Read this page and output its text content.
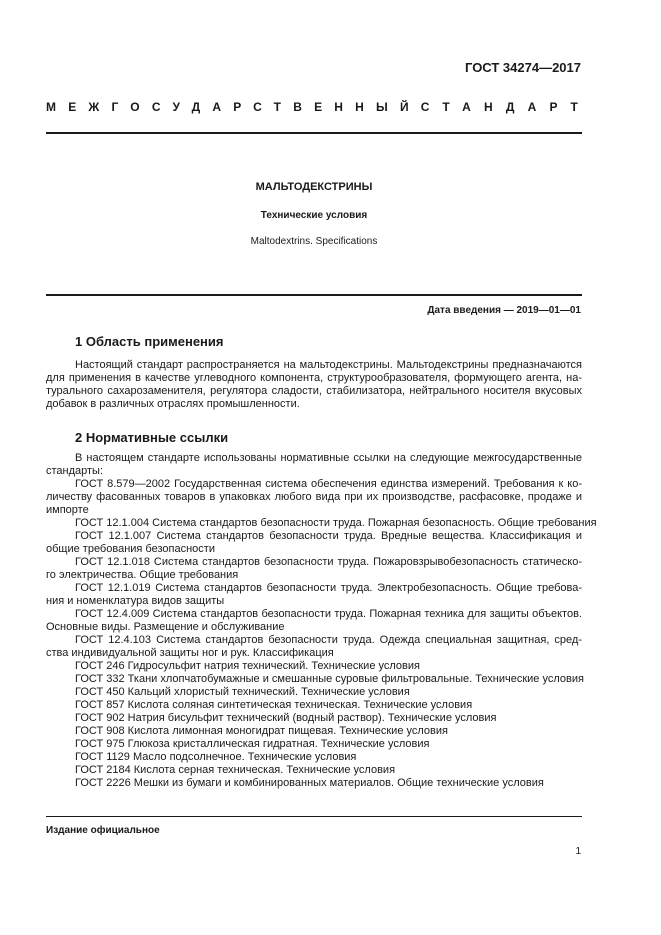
ГОСТ 34274—2017
МЕЖГОСУДАРСТВЕННЫЙ СТАНДАРТ
МАЛЬТОДЕКСТРИНЫ
Технические условия
Maltodextrins. Specifications
Дата введения — 2019—01—01
1 Область применения
Настоящий стандарт распространяется на мальтодекстрины. Мальтодекстрины предназначаются
для применения в качестве углеводного компонента, структурообразователя, формующего агента, на-
турального сахарозаменителя, регулятора сладости, стабилизатора, нейтрального носителя вкусовых
добавок в различных отраслях промышленности.
2 Нормативные ссылки
В настоящем стандарте использованы нормативные ссылки на следующие межгосударственные
стандарты:
ГОСТ 8.579—2002 Государственная система обеспечения единства измерений. Требования к ко-
личеству фасованных товаров в упаковках любого вида при их производстве, расфасовке, продаже и
импорте
ГОСТ 12.1.004 Система стандартов безопасности труда. Пожарная безопасность. Общие требования
ГОСТ 12.1.007 Система стандартов безопасности труда. Вредные вещества. Классификация и
общие требования безопасности
ГОСТ 12.1.018 Система стандартов безопасности труда. Пожаровзрывобезопасность статическо-
го электричества. Общие требования
ГОСТ 12.1.019 Система стандартов безопасности труда. Электробезопасность. Общие требова-
ния и номенклатура видов защиты
ГОСТ 12.4.009 Система стандартов безопасности труда. Пожарная техника для защиты объектов.
Основные виды. Размещение и обслуживание
ГОСТ 12.4.103 Система стандартов безопасности труда. Одежда специальная защитная, сред-
ства индивидуальной защиты ног и рук. Классификация
ГОСТ 246 Гидросульфит натрия технический. Технические условия
ГОСТ 332 Ткани хлопчатобумажные и смешанные суровые фильтровальные. Технические условия
ГОСТ 450 Кальций хлористый технический. Технические условия
ГОСТ 857 Кислота соляная синтетическая техническая. Технические условия
ГОСТ 902 Натрия бисульфит технический (водный раствор). Технические условия
ГОСТ 908 Кислота лимонная моногидрат пищевая. Технические условия
ГОСТ 975 Глюкоза кристаллическая гидратная. Технические условия
ГОСТ 1129 Масло подсолнечное. Технические условия
ГОСТ 2184 Кислота серная техническая. Технические условия
ГОСТ 2226 Мешки из бумаги и комбинированных материалов. Общие технические условия
Издание официальное
1
